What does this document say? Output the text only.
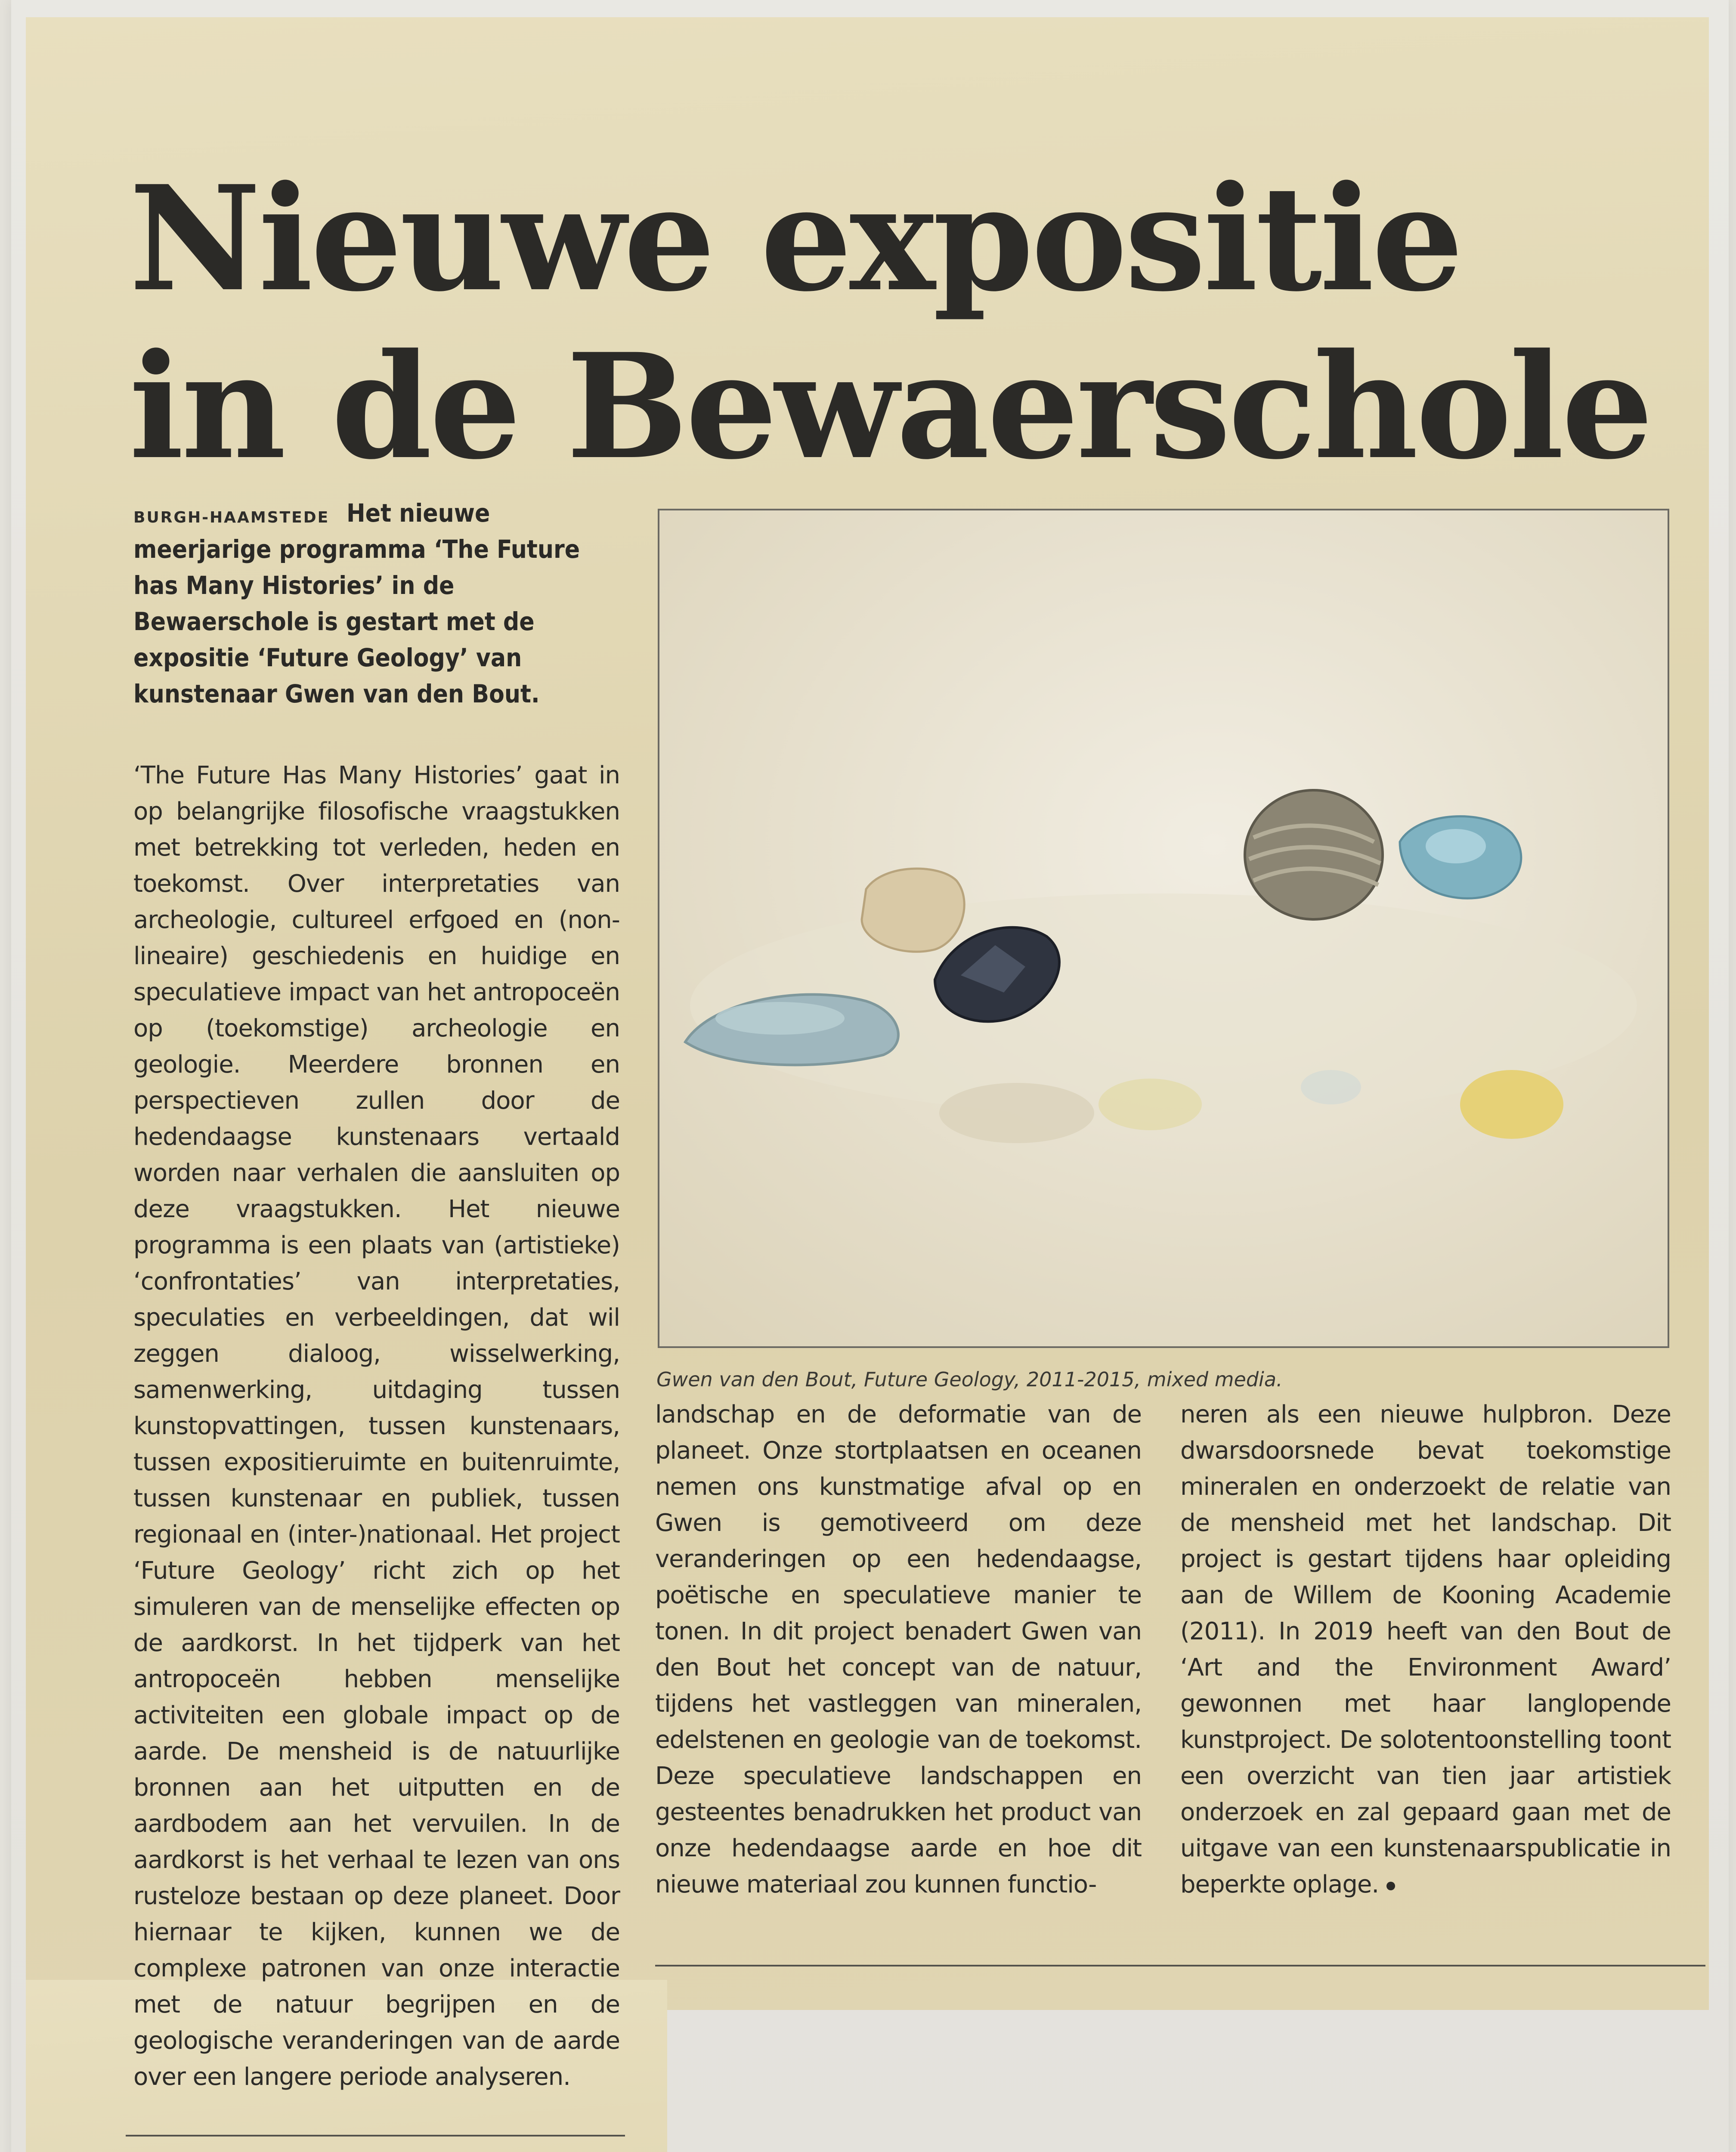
Nieuwe expositie
in de Bewaerschole
BURGH-HAAMSTEDE Het nieuwe meerjarige programma ‘The Future has Many Histories’ in de Bewaerschole is gestart met de expositie ‘Future Geology’ van kunstenaar Gwen van den Bout.

‘The Future Has Many Histories’ gaat in op belangrijke filosofische vraagstukken met betrekking tot verleden, heden en toekomst. Over interpretaties van archeologie, cultureel erfgoed en (non-lineaire) geschiedenis en huidige en speculatieve impact van het antropoceën op (toekomstige) archeologie en geologie. Meerdere bronnen en perspectieven zullen door de hedendaagse kunstenaars vertaald worden naar verhalen die aansluiten op deze vraagstukken. Het nieuwe programma is een plaats van (artistieke) ‘confrontaties’ van interpretaties, speculaties en verbeeldingen, dat wil zeggen dialoog, wisselwerking, samenwerking, uitdaging tussen kunstopvattingen, tussen kunstenaars, tussen expositieruimte en buitenruimte, tussen kunstenaar en publiek, tussen regionaal en (inter-)nationaal. Het project ‘Future Geology’ richt zich op het simuleren van de menselijke effecten op de aardkorst. In het tijdperk van het antropoceën hebben menselijke activiteiten een globale impact op de aarde. De mensheid is de natuurlijke bronnen aan het uitputten en de aardbodem aan het vervuilen. In de aardkorst is het verhaal te lezen van ons rusteloze bestaan op deze planeet. Door hiernaar te kijken, kunnen we de complexe patronen van onze interactie met de natuur begrijpen en de geologische veranderingen van de aarde over een langere periode analyseren.

Gwen van den Bout, Future Geology, 2011-2015, mixed media.

landschap en de deformatie van de planeet. Onze stortplaatsen en oceanen nemen ons kunstmatige afval op en Gwen is gemotiveerd om deze veranderingen op een hedendaagse, poëtische en speculatieve manier te tonen. In dit project benadert Gwen van den Bout het concept van de natuur, tijdens het vastleggen van mineralen, edelstenen en geologie van de toekomst. Deze speculatieve landschappen en gesteentes benadrukken het product van onze hedendaagse aarde en hoe dit nieuwe materiaal zou kunnen functio-

neren als een nieuwe hulpbron. Deze dwarsdoorsnede bevat toekomstige mineralen en onderzoekt de relatie van de mensheid met het landschap. Dit project is gestart tijdens haar opleiding aan de Willem de Kooning Academie (2011). In 2019 heeft van den Bout de ‘Art and the Environment Award’ gewonnen met haar langlopende kunstproject. De solotentoonstelling toont een overzicht van tien jaar artistiek onderzoek en zal gepaard gaan met de uitgave van een kunstenaarspublicatie in beperkte oplage.
